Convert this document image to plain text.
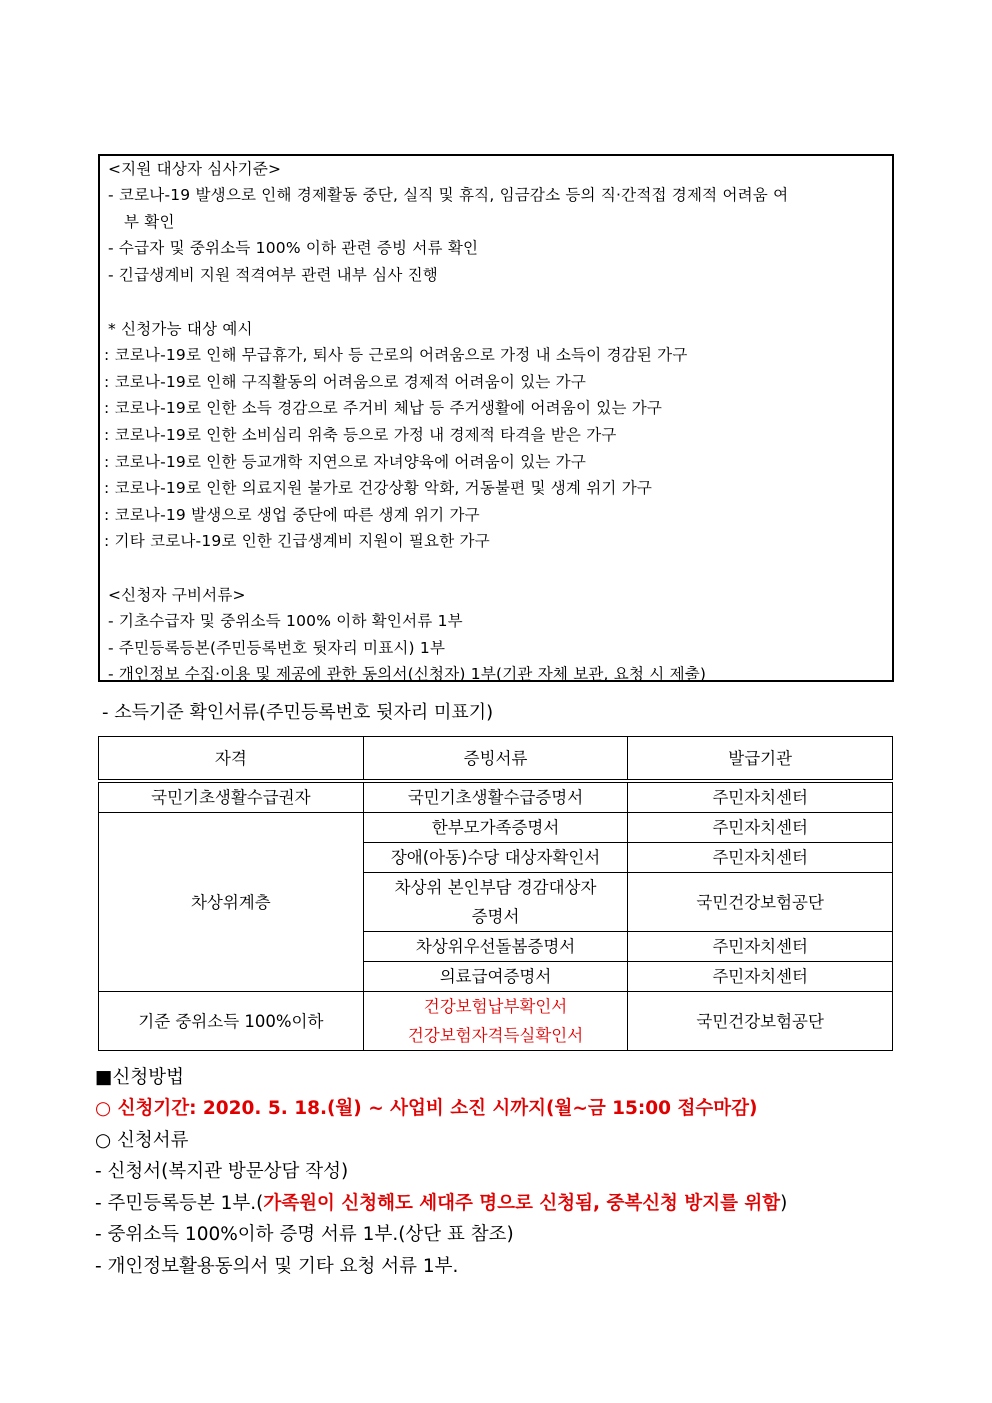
<지원 대상자 심사기준>
- 코로나-19 발생으로 인해 경제활동 중단, 실직 및 휴직, 임금감소 등의 직·간적접 경제적 어려움 여
부 확인
- 수급자 및 중위소득 100% 이하 관련 증빙 서류 확인
- 긴급생계비 지원 적격여부 관련 내부 심사 진행
* 신청가능 대상 예시
: 코로나-19로 인해 무급휴가, 퇴사 등 근로의 어려움으로 가정 내 소득이 경감된 가구
: 코로나-19로 인해 구직활동의 어려움으로 경제적 어려움이 있는 가구
: 코로나-19로 인한 소득 경감으로 주거비 체납 등 주거생활에 어려움이 있는 가구
: 코로나-19로 인한 소비심리 위축 등으로 가정 내 경제적 타격을 받은 가구
: 코로나-19로 인한 등교개학 지연으로 자녀양육에 어려움이 있는 가구
: 코로나-19로 인한 의료지원 불가로 건강상황 악화, 거동불편 및 생계 위기 가구
: 코로나-19 발생으로 생업 중단에 따른 생계 위기 가구
: 기타 코로나-19로 인한 긴급생계비 지원이 필요한 가구
<신청자 구비서류>
- 기초수급자 및 중위소득 100% 이하 확인서류 1부
- 주민등록등본(주민등록번호 뒷자리 미표시) 1부
- 개인정보 수집·이용 및 제공에 관한 동의서(신청자) 1부(기관 자체 보관, 요청 시 제출)
- 소득기준 확인서류(주민등록번호 뒷자리 미표기)
자격	증빙서류	발급기관
국민기초생활수급권자	국민기초생활수급증명서	주민자치센터
차상위계층	한부모가족증명서	주민자치센터
	장애(아동)수당 대상자확인서	주민자치센터

	차상위 본인부담 경감대상자
증명서	국민건강보험공단
	차상위우선돌봄증명서	주민자치센터
	의료급여증명서	주민자치센터
기준 중위소득 100%이하	건강보험납부확인서
건강보험자격득실확인서	국민건강보험공단
■신청방법
○ 신청기간: 2020. 5. 18.(월) ~ 사업비 소진 시까지(월~금 15:00 접수마감)
○ 신청서류
- 신청서(복지관 방문상담 작성)
- 주민등록등본 1부.(가족원이 신청해도 세대주 명으로 신청됨, 중복신청 방지를 위함)
- 중위소득 100%이하 증명 서류 1부.(상단 표 참조)
- 개인정보활용동의서 및 기타 요청 서류 1부.
